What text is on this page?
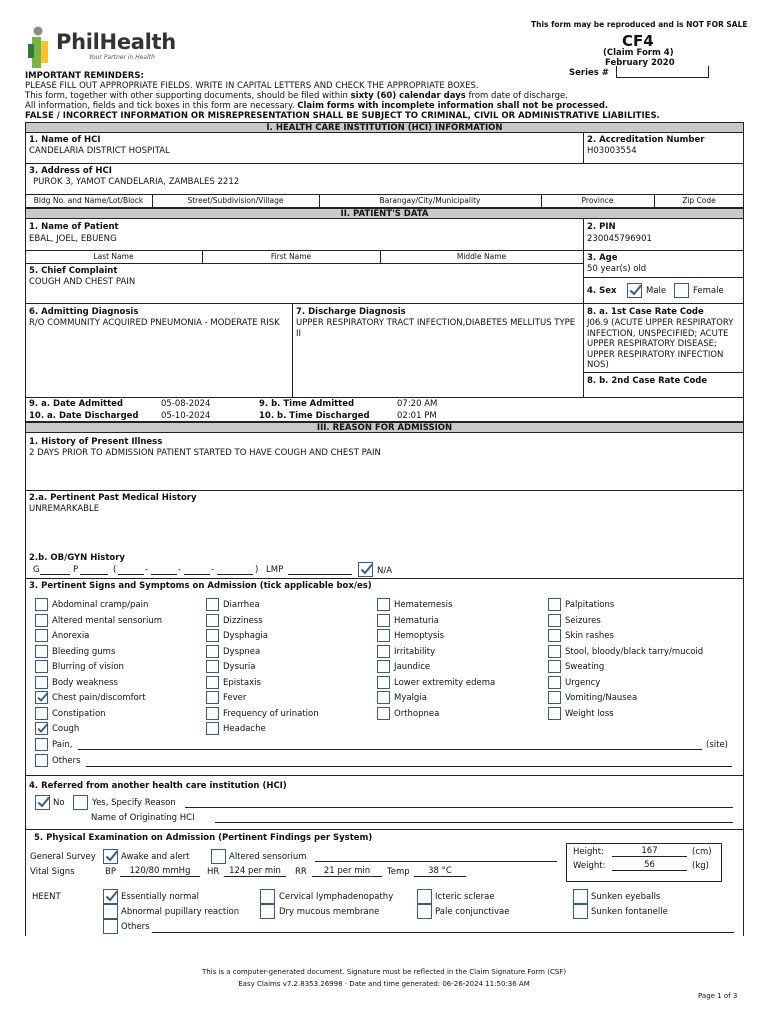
PhilHealth
Your Partner in Health
This form may be reproduced and is NOT FOR SALE
CF4
(Claim Form 4)
February 2020
Series #
IMPORTANT REMINDERS:
PLEASE FILL OUT APPROPRIATE FIELDS. WRITE IN CAPITAL LETTERS AND CHECK THE APPROPRIATE BOXES.
This form, together with other supporting documents, should be filed within sixty (60) calendar days from date of discharge.
All information, fields and tick boxes in this form are necessary. Claim forms with incomplete information shall not be processed.
FALSE / INCORRECT INFORMATION OR MISREPRESENTATION SHALL BE SUBJECT TO CRIMINAL, CIVIL OR ADMINISTRATIVE LIABILITIES.
I. HEALTH CARE INSTITUTION (HCI) INFORMATION
1. Name of HCI
CANDELARIA DISTRICT HOSPITAL
2. Accreditation Number
H03003554
3. Address of HCI
PUROK 3, YAMOT CANDELARIA, ZAMBALES 2212
Bldg No. and Name/Lot/Block	Street/Subdivision/Village	Barangay/City/Municipality	Province	Zip Code
II. PATIENT'S DATA
1. Name of Patient
EBAL, JOEL, EBUENG
Last Name	First Name	Middle Name
2. PIN
230045796901
3. Age
50 year(s) old
5. Chief Complaint
COUGH AND CHEST PAIN
4. Sex	Male	Female
6. Admitting Diagnosis
R/O COMMUNITY ACQUIRED PNEUMONIA - MODERATE RISK
7. Discharge Diagnosis
UPPER RESPIRATORY TRACT INFECTION,DIABETES MELLITUS TYPE II
8. a. 1st Case Rate Code
J06.9 (ACUTE UPPER RESPIRATORY INFECTION, UNSPECIFIED; ACUTE UPPER RESPIRATORY DISEASE; UPPER RESPIRATORY INFECTION NOS)
8. b. 2nd Case Rate Code
9. a. Date Admitted	05-08-2024	9. b. Time Admitted	07:20 AM
10. a. Date Discharged	05-10-2024	10. b. Time Discharged	02:01 PM
III. REASON FOR ADMISSION
1. History of Present Illness
2 DAYS PRIOR TO ADMISSION PATIENT STARTED TO HAVE COUGH AND CHEST PAIN
2.a. Pertinent Past Medical History
UNREMARKABLE
2.b. OB/GYN History
G	P	(	-	-	-	) LMP	N/A
3. Pertinent Signs and Symptoms on Admission (tick applicable box/es)
Abdominal cramp/pain
Altered mental sensorium
Anorexia
Bleeding gums
Blurring of vision
Body weakness
Chest pain/discomfort
Constipation
Cough
Diarrhea
Dizziness
Dysphagia
Dyspnea
Dysuria
Epistaxis
Fever
Frequency of urination
Headache
Hematemesis
Hematuria
Hemoptysis
Irritability
Jaundice
Lower extremity edema
Myalgia
Orthopnea
Palpitations
Seizures
Skin rashes
Stool, bloody/black tarry/mucoid
Sweating
Urgency
Vomiting/Nausea
Weight loss
Pain,	(site)
Others
4. Referred from another health care institution (HCI)
No	Yes, Specify Reason
Name of Originating HCI
5. Physical Examination on Admission (Pertinent Findings per System)
General Survey	Awake and alert	Altered sensorium
Vital Signs	BP	120/80 mmHg	HR	124 per min	RR	21 per min	Temp	38 °C
Height:	167	(cm)
Weight:	56	(kg)
HEENT	Essentially normal
Abnormal pupillary reaction
Cervical lymphadenopathy
Dry mucous membrane
Icteric sclerae
Pale conjunctivae
Sunken eyeballs
Sunken fontanelle
Others
This is a computer-generated document. Signature must be reflected in the Claim Signature Form (CSF)
Easy Claims v7.2.8353.26998 · Date and time generated: 06-26-2024 11:50:36 AM
Page 1 of 3
